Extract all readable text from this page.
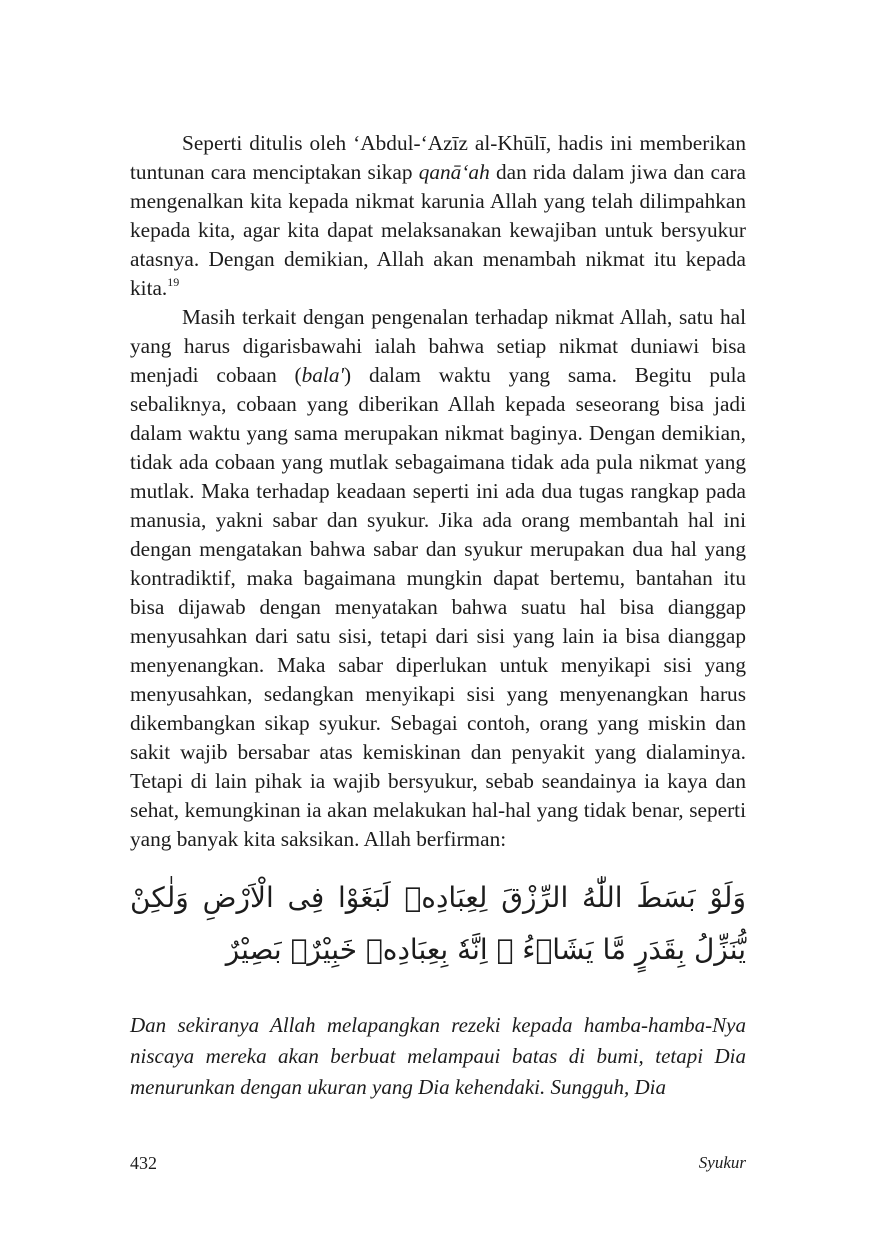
Seperti ditulis oleh ‘Abdul-‘Azīz al-Khūlī, hadis ini memberikan tuntunan cara menciptakan sikap qanā‘ah dan rida dalam jiwa dan cara mengenalkan kita kepada nikmat karunia Allah yang telah dilimpahkan kepada kita, agar kita dapat melaksanakan kewajiban untuk bersyukur atasnya. Dengan demikian, Allah akan menambah nikmat itu kepada kita.$^{19}$

Masih terkait dengan pengenalan terhadap nikmat Allah, satu hal yang harus digarisbawahi ialah bahwa setiap nikmat duniawi bisa menjadi cobaan (bala') dalam waktu yang sama. Begitu pula sebaliknya, cobaan yang diberikan Allah kepada seseorang bisa jadi dalam waktu yang sama merupakan nikmat baginya. Dengan demikian, tidak ada cobaan yang mutlak sebagaimana tidak ada pula nikmat yang mutlak. Maka terhadap keadaan seperti ini ada dua tugas rangkap pada manusia, yakni sabar dan syukur. Jika ada orang membantah hal ini dengan mengatakan bahwa sabar dan syukur merupakan dua hal yang kontradiktif, maka bagaimana mungkin dapat bertemu, bantahan itu bisa dijawab dengan menyatakan bahwa suatu hal bisa dianggap menyusahkan dari satu sisi, tetapi dari sisi yang lain ia bisa dianggap menyenangkan. Maka sabar diperlukan untuk menyikapi sisi yang menyusahkan, sedangkan menyikapi sisi yang menyenangkan harus dikembangkan sikap syukur. Sebagai contoh, orang yang miskin dan sakit wajib bersabar atas kemiskinan dan penyakit yang dialaminya. Tetapi di lain pihak ia wajib bersyukur, sebab seandainya ia kaya dan sehat, kemungkinan ia akan melakukan hal-hal yang tidak benar, seperti yang banyak kita saksikan. Allah berfirman:

وَلَوْ بَسَطَ اللّٰهُ الرِّزْقَ لِعِبَادِهٖ لَبَغَوْا فِى الْاَرْضِ وَلٰكِنْ يُّنَزِّلُ بِقَدَرٍ مَّا يَشَاۤءُ ۗ اِنَّهٗ بِعِبَادِهٖ خَبِيْرٌۢ بَصِيْرٌ
Dan sekiranya Allah melapangkan rezeki kepada hamba-hamba-Nya niscaya mereka akan berbuat melampaui batas di bumi, tetapi Dia menurunkan dengan ukuran yang Dia kehendaki. Sungguh, Dia
432	Syukur
